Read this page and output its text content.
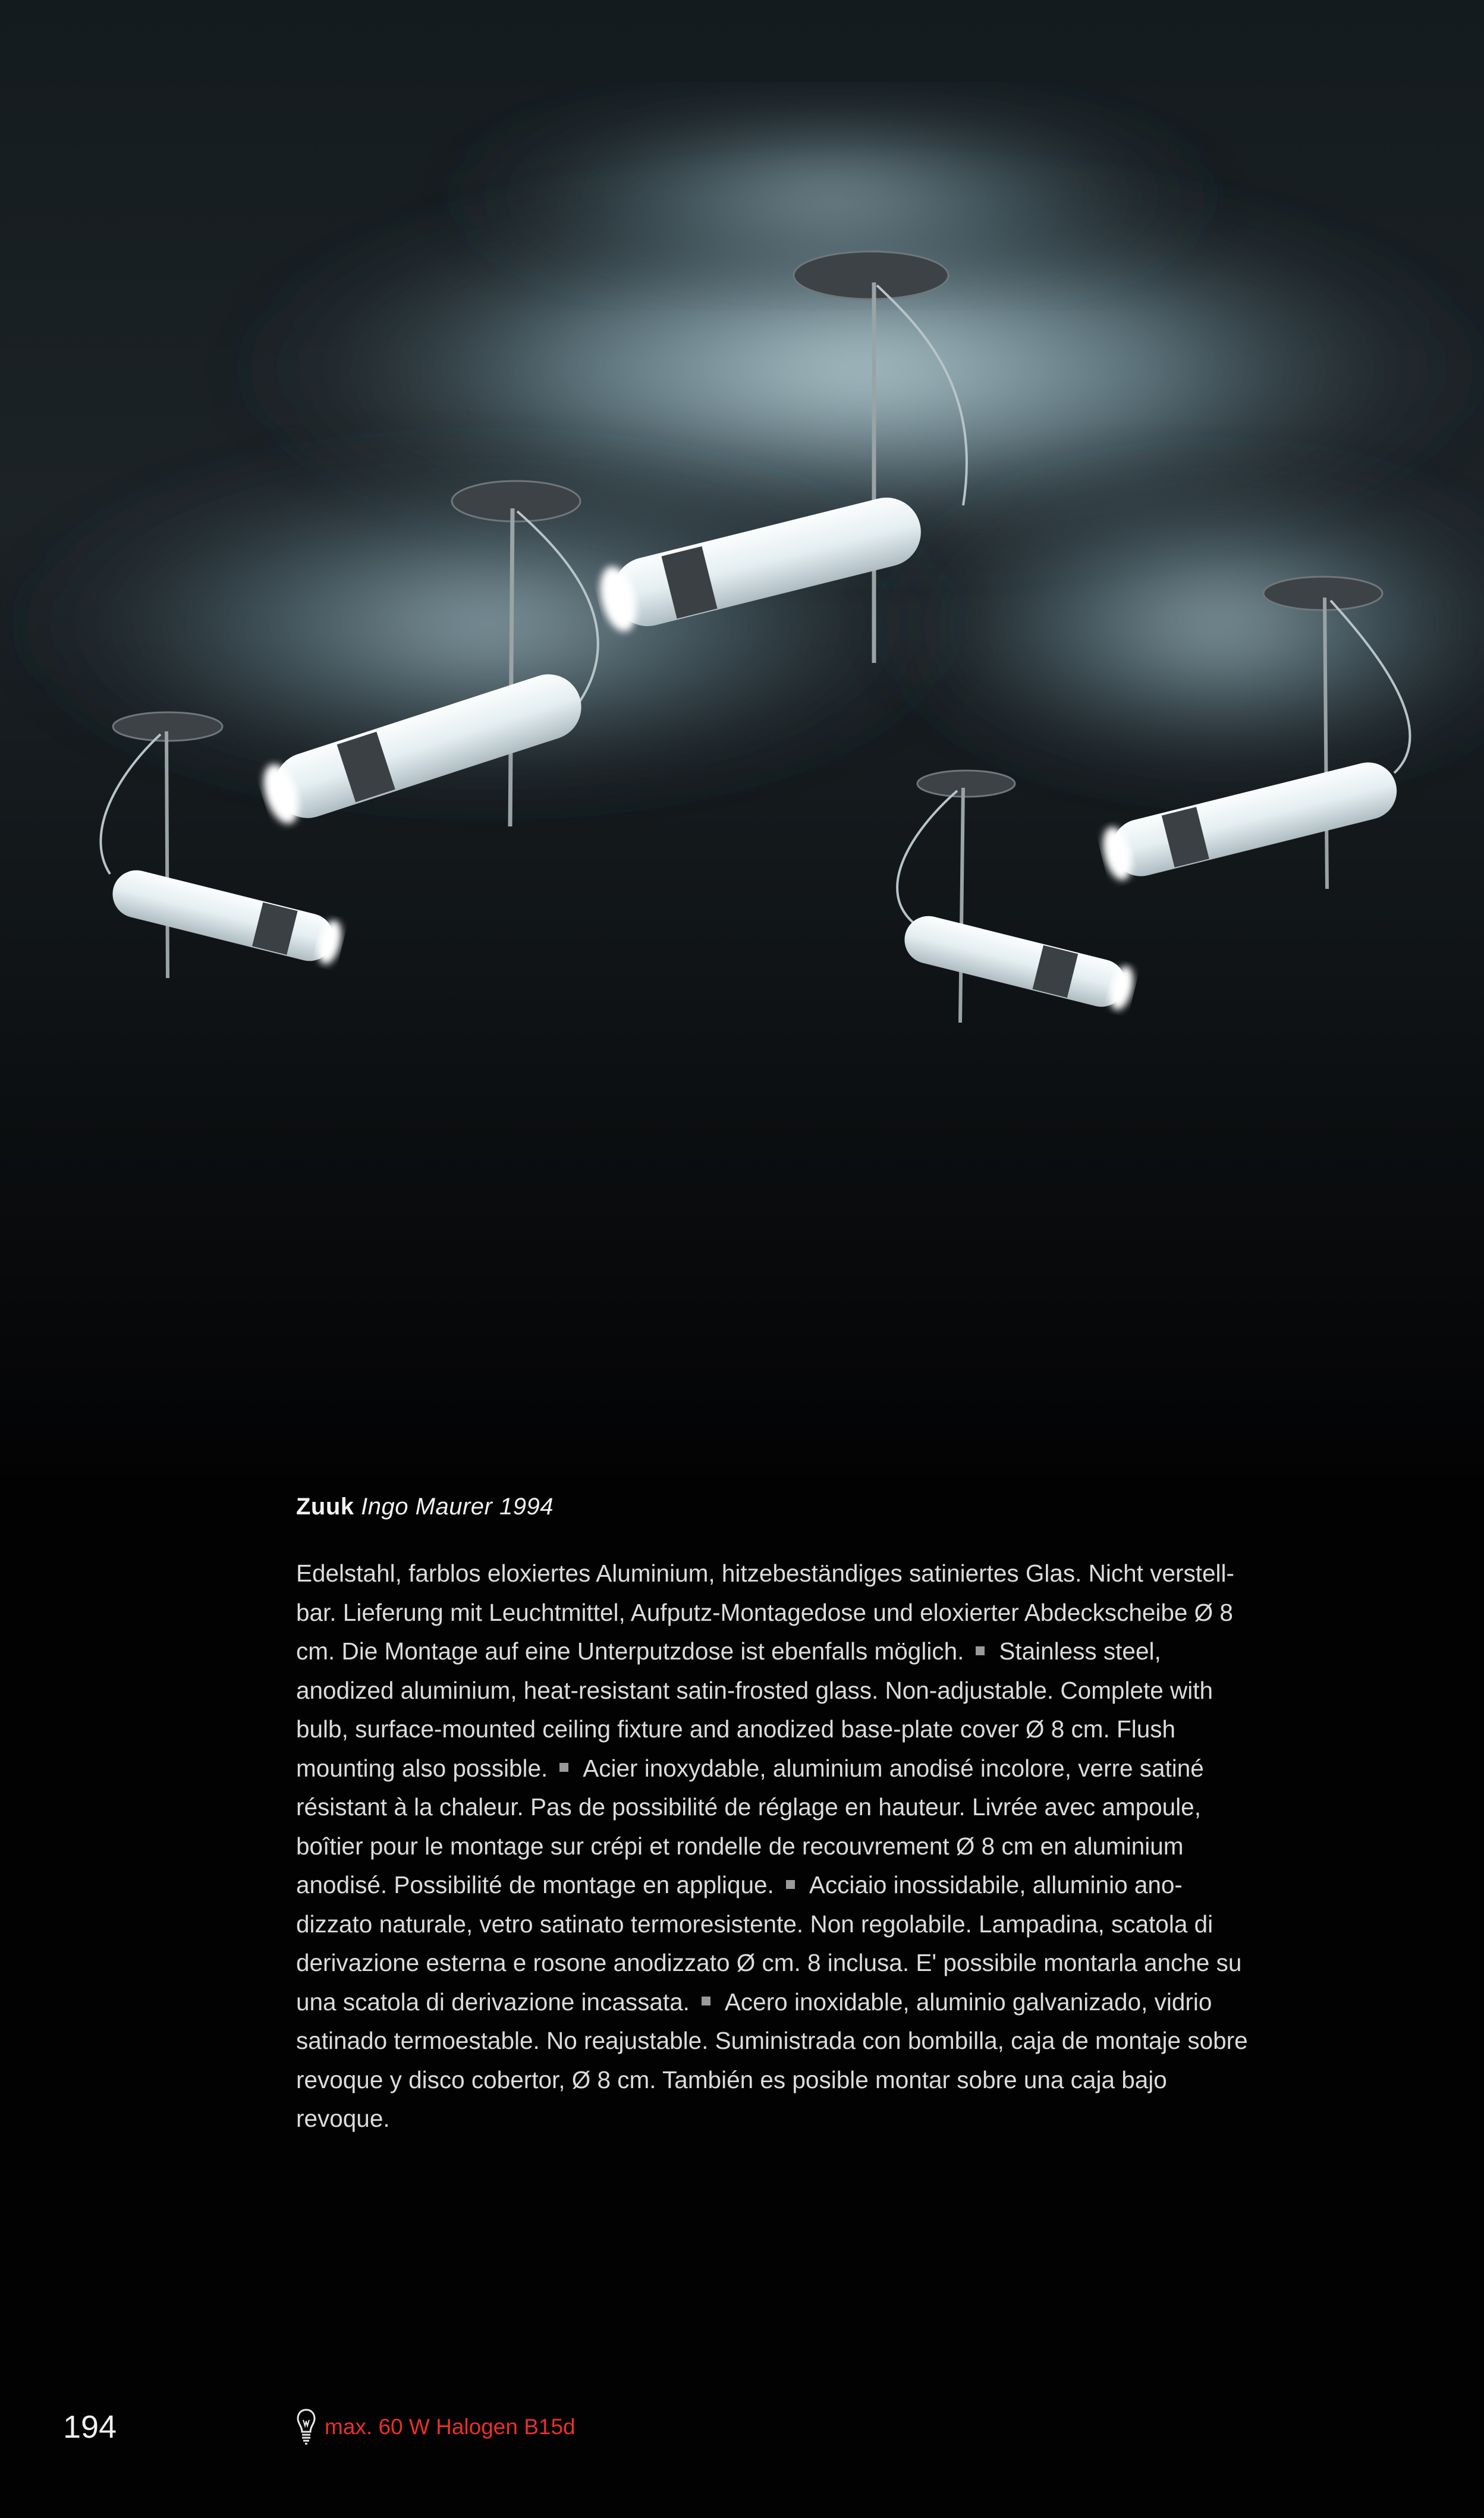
Zuuk Ingo Maurer 1994

Edelstahl, farblos eloxiertes Aluminium, hitzebeständiges satiniertes Glas. Nicht verstell- bar. Lieferung mit Leuchtmittel, Aufputz-Montagedose und eloxierter Abdeckscheibe Ø 8 cm. Die Montage auf eine Unterputzdose ist ebenfalls möglich. Stainless steel, anodized aluminium, heat-resistant satin-frosted glass. Non-adjustable. Complete with bulb, surface-mounted ceiling fixture and anodized base-plate cover Ø 8 cm. Flush mounting also possible. Acier inoxydable, aluminium anodisé incolore, verre satiné résistant à la chaleur. Pas de possibilité de réglage en hauteur. Livrée avec ampoule, boîtier pour le montage sur crépi et rondelle de recouvrement Ø 8 cm en aluminium anodisé. Possibilité de montage en applique. Acciaio inossidabile, alluminio ano- dizzato naturale, vetro satinato termoresistente. Non regolabile. Lampadina, scatola di derivazione esterna e rosone anodizzato Ø cm. 8 inclusa. E' possibile montarla anche su una scatola di derivazione incassata. Acero inoxidable, aluminio galvanizado, vidrio satinado termoestable. No reajustable. Suministrada con bombilla, caja de montaje sobre revoque y disco cobertor, Ø 8 cm. También es posible montar sobre una caja bajo revoque.

194	max. 60 W Halogen B15d
